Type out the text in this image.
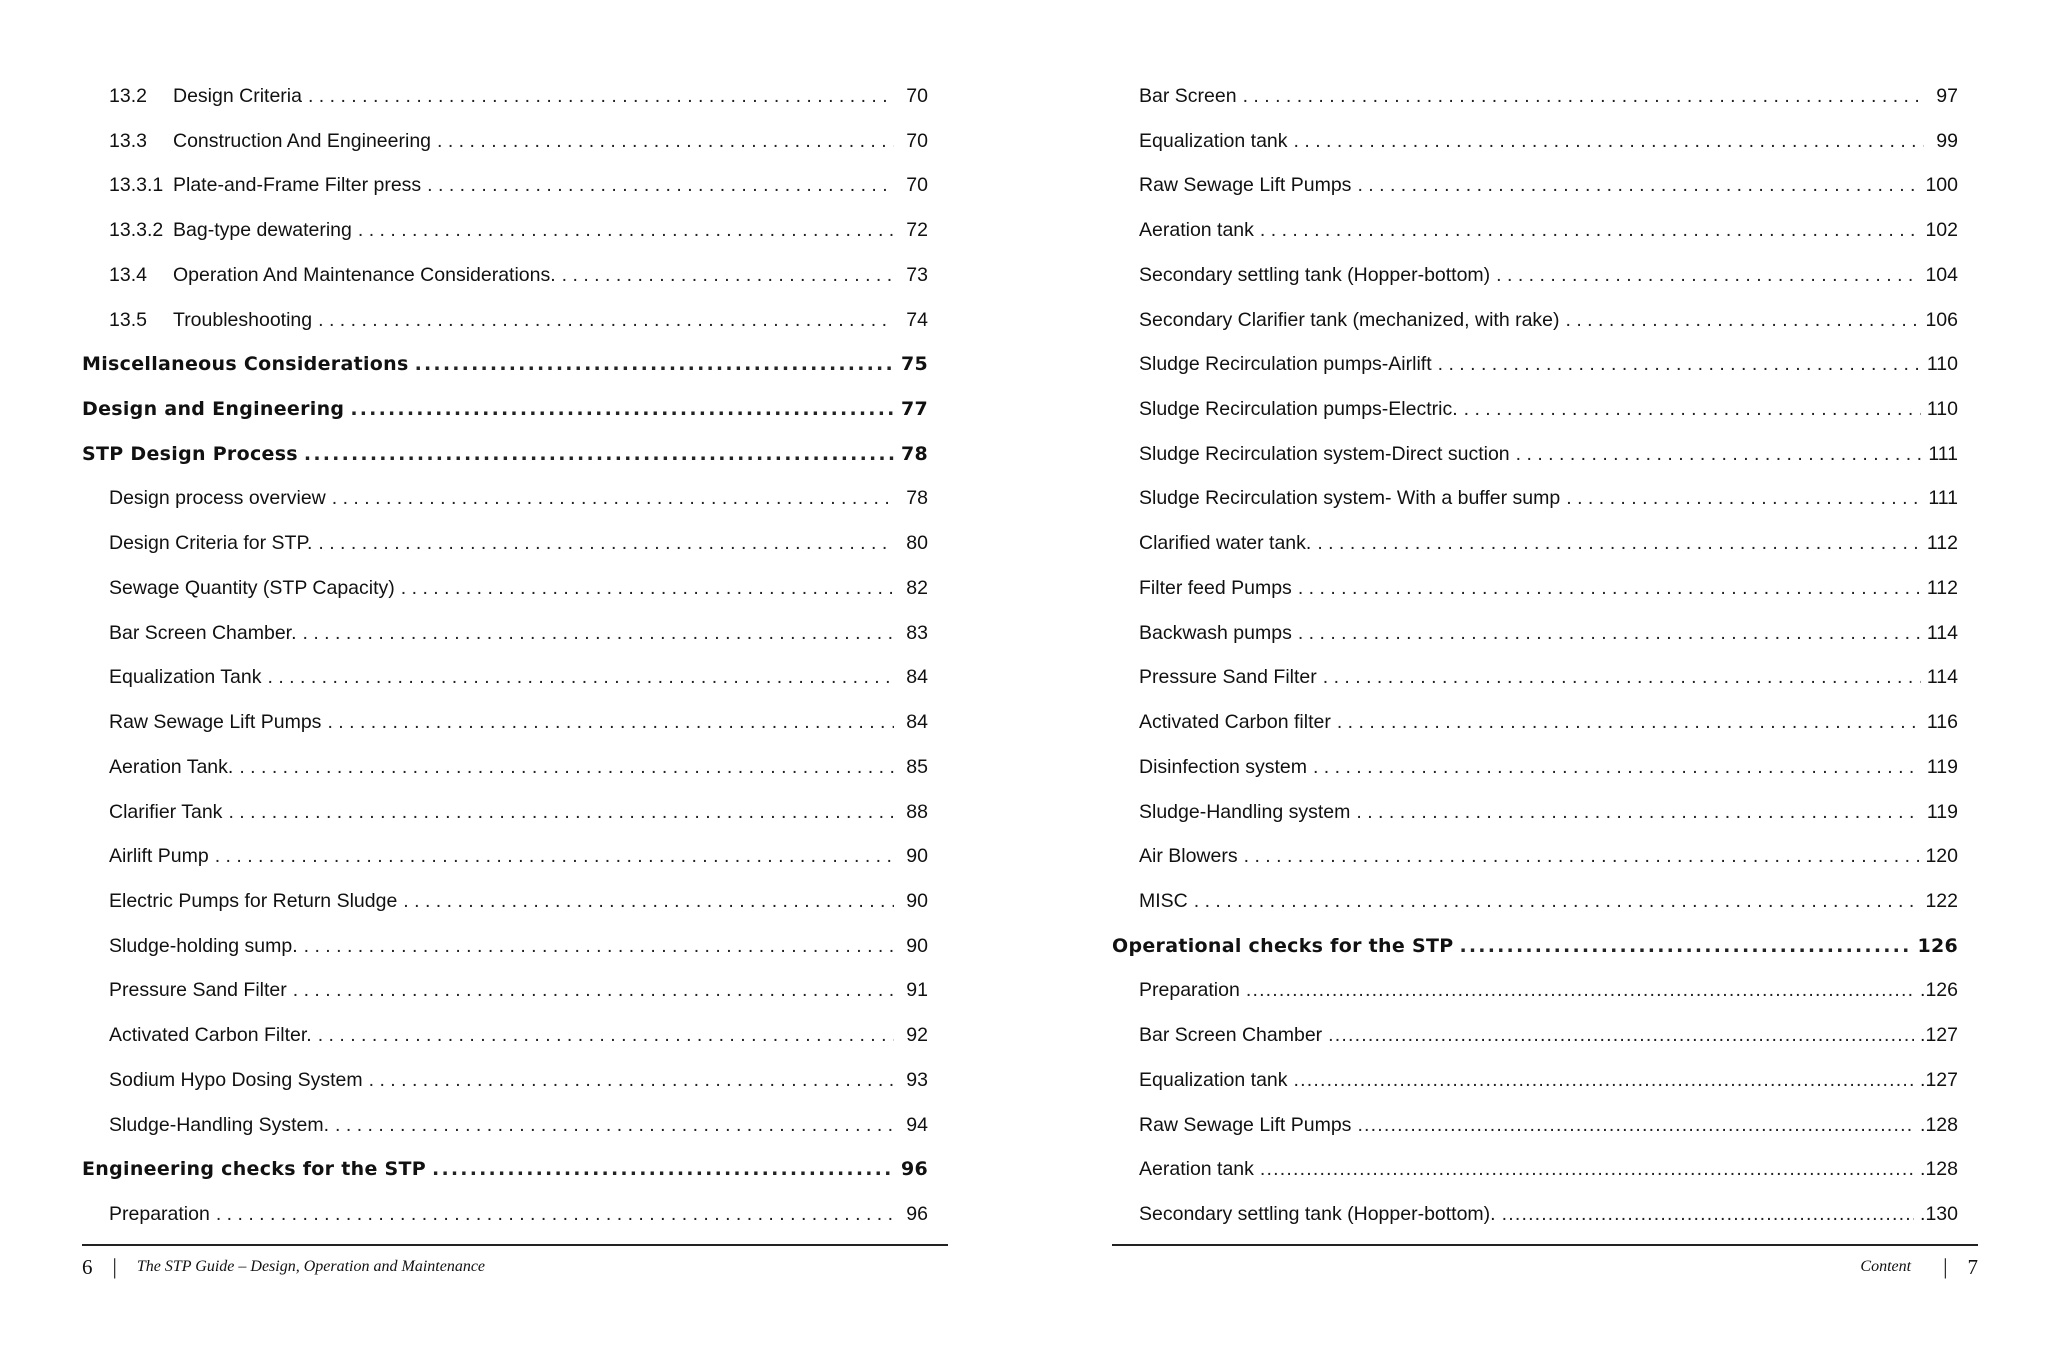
13.2	Design Criteria . . .	70
13.3	Construction And Engineering . . .	70
13.3.1 Plate-and-Frame Filter press . . .	70
13.3.2 Bag-type dewatering . . .	72
13.4	Operation And Maintenance Considerations. . . .	73
13.5	Troubleshooting . . .	74
Miscellaneous Considerations .....	75
Design and Engineering .....	77
STP Design Process .....	78
Design process overview . . .	78
Design Criteria for STP. . . .	80
Sewage Quantity (STP Capacity) . . .	82
Bar Screen Chamber. . . .	83
Equalization Tank . . .	84
Raw Sewage Lift Pumps . . .	84
Aeration Tank. . . .	85
Clarifier Tank . . .	88
Airlift Pump . . .	90
Electric Pumps for Return Sludge . . .	90
Sludge-holding sump. . . .	90
Pressure Sand Filter . . .	91
Activated Carbon Filter. . . .	92
Sodium Hypo Dosing System . . .	93
Sludge-Handling System. . . .	94
Engineering checks for the STP .....	96
Preparation . . .	96
6 | The STP Guide – Design, Operation and Maintenance
Bar Screen . . .	97
Equalization tank . . .	99
Raw Sewage Lift Pumps . . .	100
Aeration tank . . .	102
Secondary settling tank (Hopper-bottom) . . .	104
Secondary Clarifier tank (mechanized, with rake) . . .	106
Sludge Recirculation pumps-Airlift . . .	110
Sludge Recirculation pumps-Electric. . . .	110
Sludge Recirculation system-Direct suction . . .	111
Sludge Recirculation system- With a buffer sump . . .	111
Clarified water tank. . . .	112
Filter feed Pumps . . .	112
Backwash pumps . . .	114
Pressure Sand Filter . . .	114
Activated Carbon filter . . .	116
Disinfection system . . .	119
Sludge-Handling system . . .	119
Air Blowers . . .	120
MISC . . .	122
Operational checks for the STP .....	126
Preparation .....	.126
Bar Screen Chamber .....	.127
Equalization tank .....	.127
Raw Sewage Lift Pumps .....	.128
Aeration tank .....	.128
Secondary settling tank (Hopper-bottom). .....	.130
Content | 7
